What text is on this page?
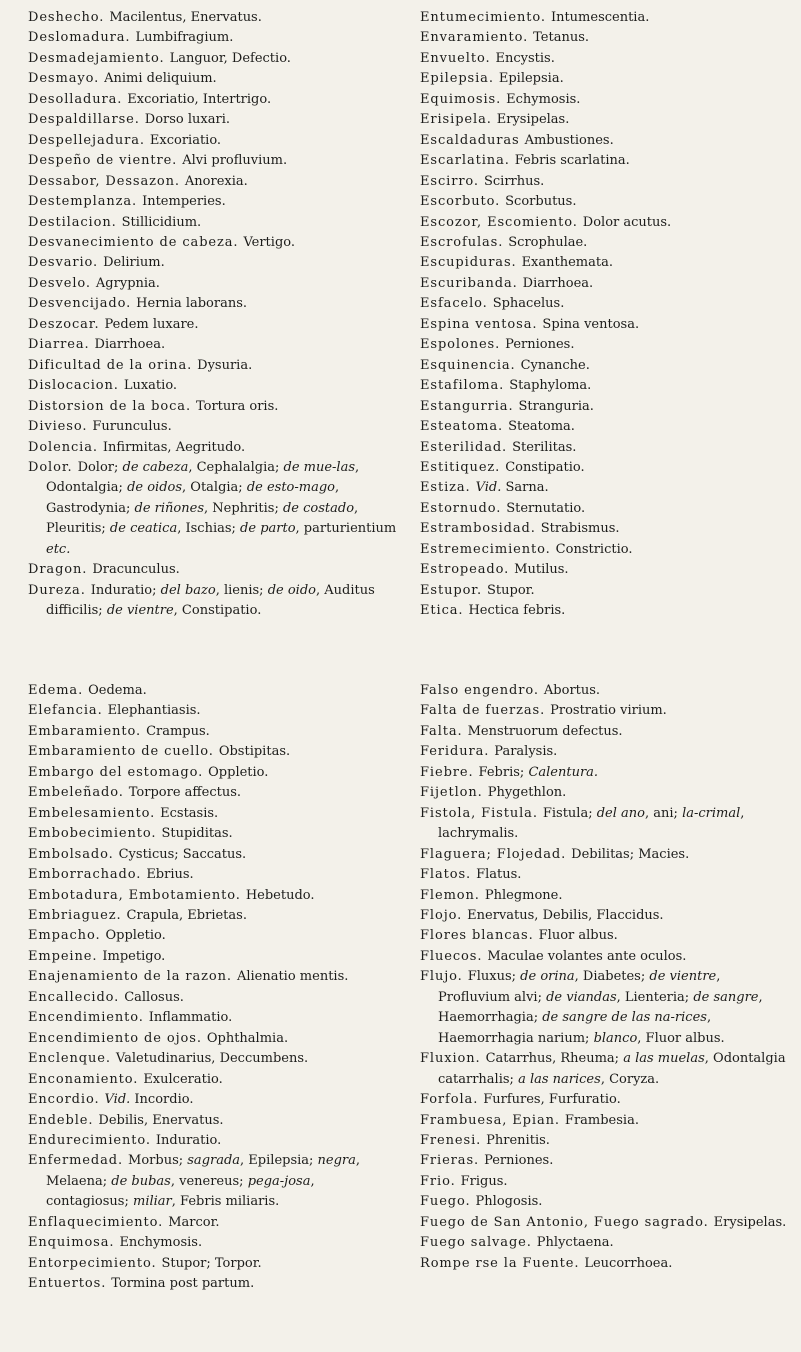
Deshecho. Macilentus, Enervatus.

Deslomadura. Lumbifragium.

Desmadejamiento. Languor, Defectio.

Desmayo. Animi deliquium.

Desolladura. Excoriatio, Intertrigo.

Despaldillarse. Dorso luxari.

Despellejadura. Excoriatio.

Despeño de vientre. Alvi profluvium.

Dessabor, Dessazon. Anorexia.

Destemplanza. Intemperies.

Destilacion. Stillicidium.

Desvanecimiento de cabeza. Vertigo.

Desvario. Delirium.

Desvelo. Agrypnia.

Desvencijado. Hernia laborans.

Deszocar. Pedem luxare.

Diarrea. Diarrhoea.

Dificultad de la orina. Dysuria.

Dislocacion. Luxatio.

Distorsion de la boca. Tortura oris.

Divieso. Furunculus.

Dolencia. Infirmitas, Aegritudo.

Dolor. Dolor; de cabeza, Cephalalgia; de mue-las, Odontalgia; de oidos, Otalgia; de esto-mago, Gastrodynia; de riñones, Nephritis; de costado, Pleuritis; de ceatica, Ischias; de parto, parturientium etc.

Dragon. Dracunculus.

Dureza. Induratio; del bazo, lienis; de oido, Auditus difficilis; de vientre, Constipatio.

Entumecimiento. Intumescentia.

Envaramiento. Tetanus.

Envuelto. Encystis.

Epilepsia. Epilepsia.

Equimosis. Echymosis.

Erisipela. Erysipelas.

Escaldaduras Ambustiones.

Escarlatina. Febris scarlatina.

Escirro. Scirrhus.

Escorbuto. Scorbutus.

Escozor, Escomiento. Dolor acutus.

Escrofulas. Scrophulae.

Escupiduras. Exanthemata.

Escuribanda. Diarrhoea.

Esfacelo. Sphacelus.

Espina ventosa. Spina ventosa.

Espolones. Perniones.

Esquinencia. Cynanche.

Estafiloma. Staphyloma.

Estangurria. Stranguria.

Esteatoma. Steatoma.

Esterilidad. Sterilitas.

Estitiquez. Constipatio.

Estiza. Vid. Sarna.

Estornudo. Sternutatio.

Estrambosidad. Strabismus.

Estremecimiento. Constrictio.

Estropeado. Mutilus.

Estupor. Stupor.

Etica. Hectica febris.

Edema. Oedema.

Elefancia. Elephantiasis.

Embaramiento. Crampus.

Embaramiento de cuello. Obstipitas.

Embargo del estomago. Oppletio.

Embeleñado. Torpore affectus.

Embelesamiento. Ecstasis.

Embobecimiento. Stupiditas.

Embolsado. Cysticus; Saccatus.

Emborrachado. Ebrius.

Embotadura, Embotamiento. Hebetudo.

Embriaguez. Crapula, Ebrietas.

Empacho. Oppletio.

Empeine. Impetigo.

Enajenamiento de la razon. Alienatio mentis.

Encallecido. Callosus.

Encendimiento. Inflammatio.

Encendimiento de ojos. Ophthalmia.

Enclenque. Valetudinarius, Deccumbens.

Enconamiento. Exulceratio.

Encordio. Vid. Incordio.

Endeble. Debilis, Enervatus.

Endurecimiento. Induratio.

Enfermedad. Morbus; sagrada, Epilepsia; negra, Melaena; de bubas, venereus; pega-josa, contagiosus; miliar, Febris miliaris.

Enflaquecimiento. Marcor.

Enquimosa. Enchymosis.

Entorpecimiento. Stupor; Torpor.

Entuertos. Tormina post partum.

Falso engendro. Abortus.

Falta de fuerzas. Prostratio virium.

Falta. Menstruorum defectus.

Feridura. Paralysis.

Fiebre. Febris; Calentura.

Fijetlon. Phygethlon.

Fistola, Fistula. Fistula; del ano, ani; la-crimal, lachrymalis.

Flaguera; Flojedad. Debilitas; Macies.

Flatos. Flatus.

Flemon. Phlegmone.

Flojo. Enervatus, Debilis, Flaccidus.

Flores blancas. Fluor albus.

Fluecos. Maculae volantes ante oculos.

Flujo. Fluxus; de orina, Diabetes; de vientre, Profluvium alvi; de viandas, Lienteria; de sangre, Haemorrhagia; de sangre de las na-rices, Haemorrhagia narium; blanco, Fluor albus.

Fluxion. Catarrhus, Rheuma; a las muelas, Odontalgia catarrhalis; a las narices, Coryza.

Forfola. Furfures, Furfuratio.

Frambuesa, Epian. Frambesia.

Frenesi. Phrenitis.

Frieras. Perniones.

Frio. Frigus.

Fuego. Phlogosis.

Fuego de San Antonio, Fuego sagrado. Erysipelas.

Fuego salvage. Phlyctaena.

Rompe rse la Fuente. Leucorrhoea.
